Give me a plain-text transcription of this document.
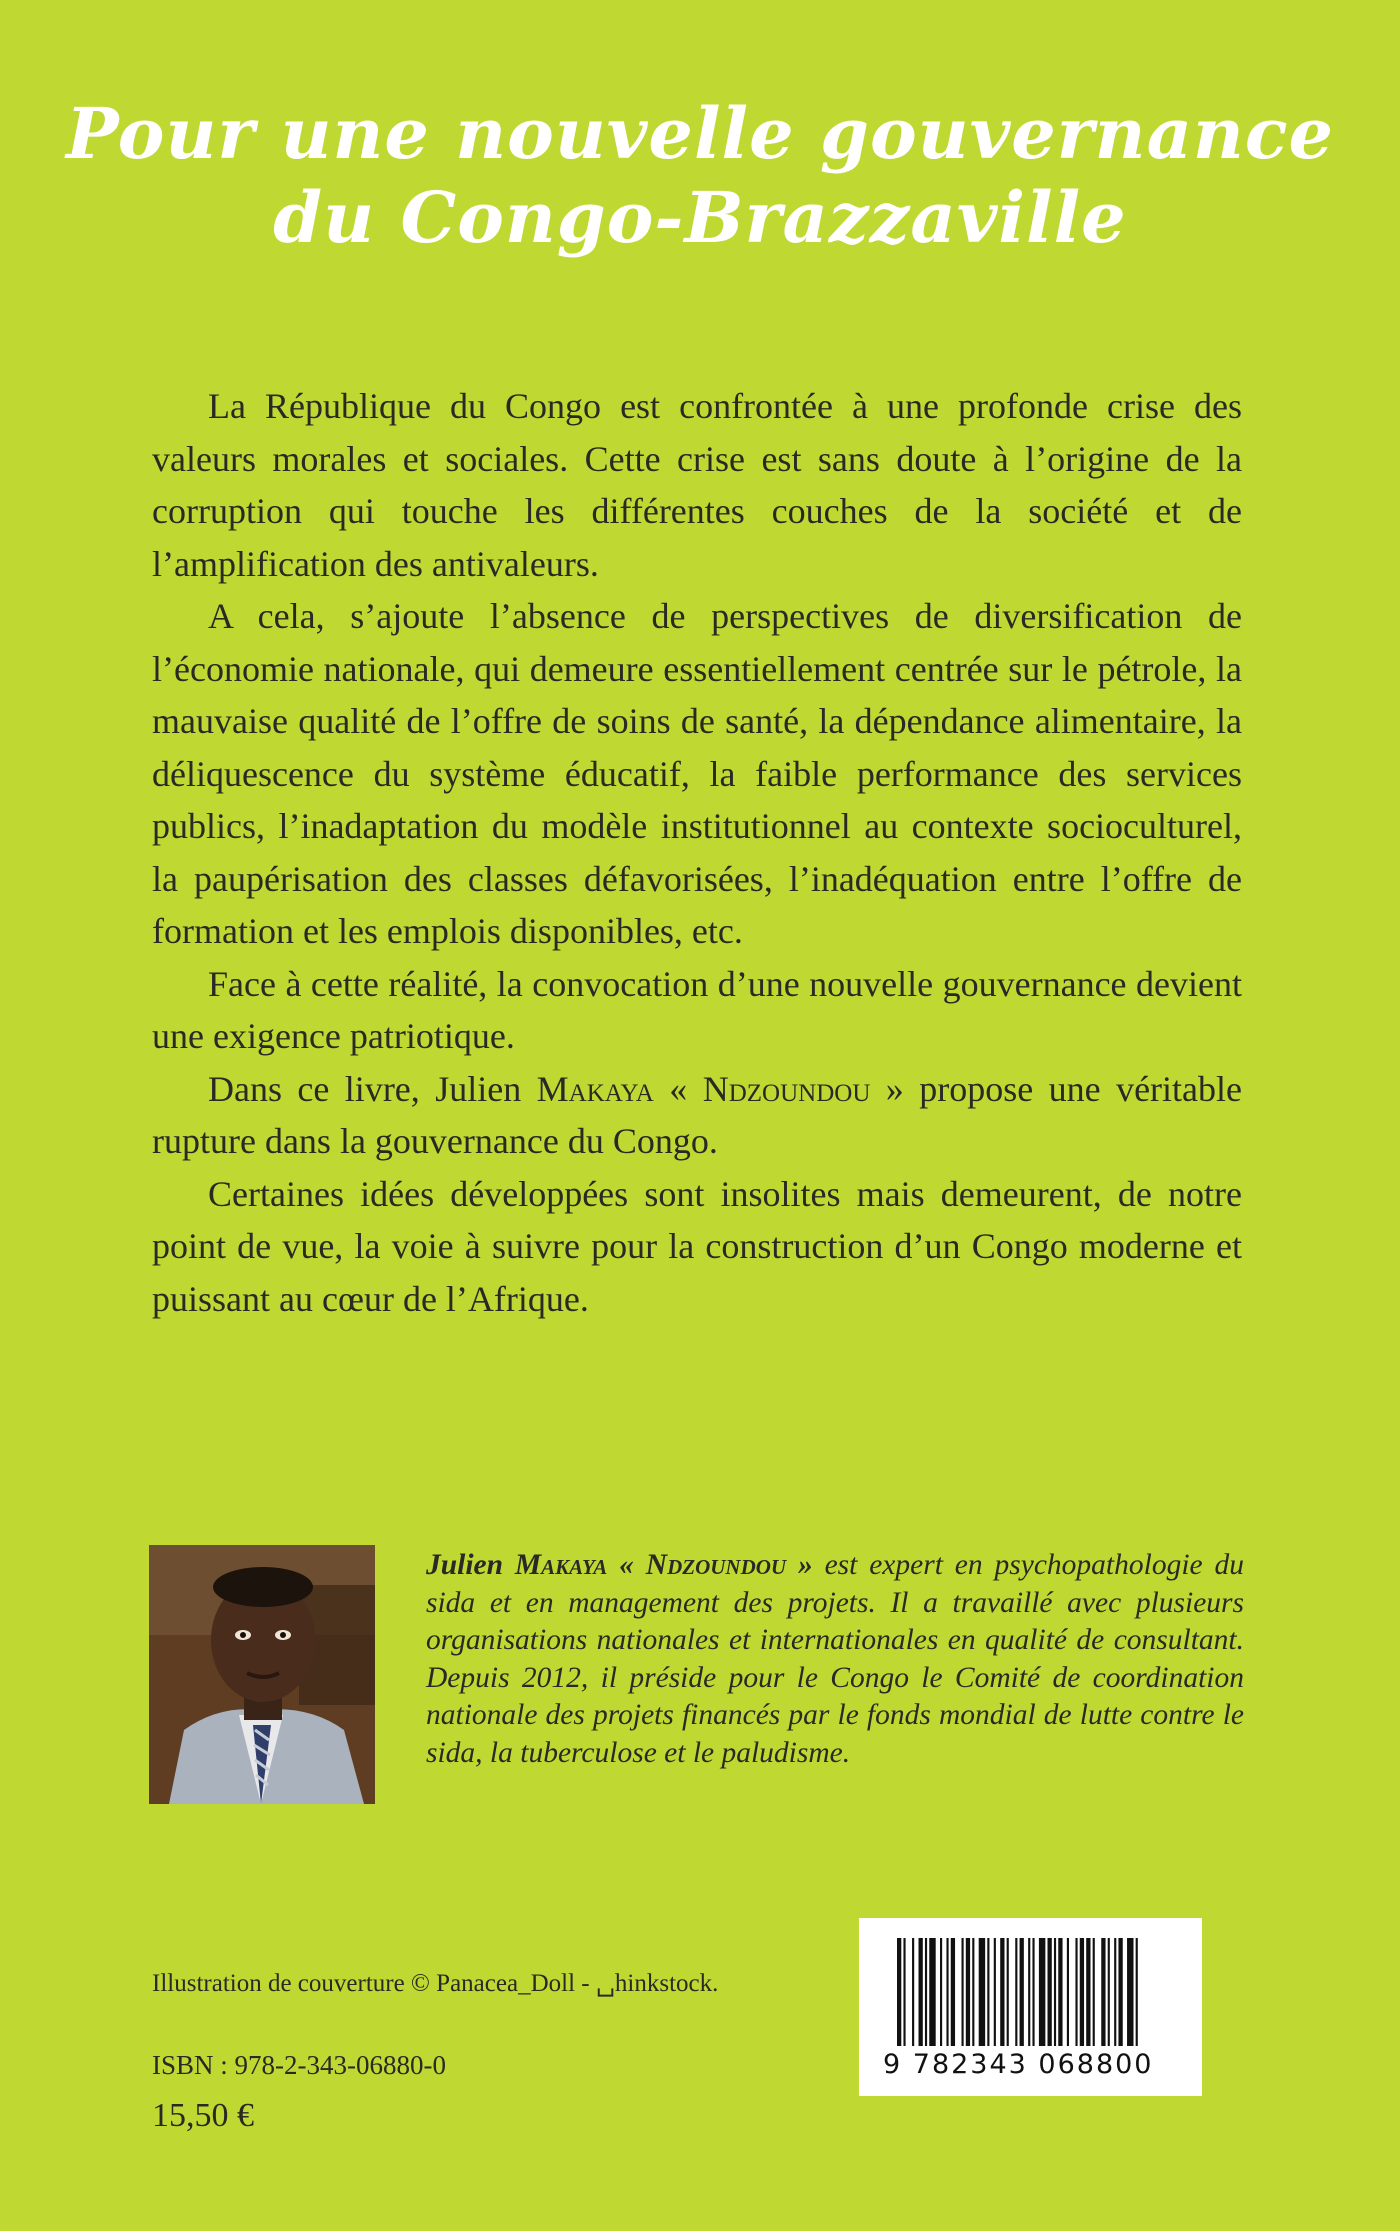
Pour une nouvelle gouvernance
du Congo-Brazzaville

La République du Congo est confrontée à une profonde crise des valeurs morales et sociales. Cette crise est sans doute à l’origine de la corruption qui touche les différentes couches de la société et de l’amplification des antivaleurs.

A cela, s’ajoute l’absence de perspectives de diversification de l’économie nationale, qui demeure essentiellement centrée sur le pétrole, la mauvaise qualité de l’offre de soins de santé, la dépendance alimentaire, la déliquescence du système éducatif, la faible performance des services publics, l’inadaptation du modèle institutionnel au contexte socioculturel, la paupérisation des classes défavorisées, l’inadéquation entre l’offre de formation et les emplois disponibles, etc.

Face à cette réalité, la convocation d’une nouvelle gouvernance devient une exigence patriotique.

Dans ce livre, Julien Makaya « Ndzoundou » propose une véritable rupture dans la gouvernance du Congo.

Certaines idées développées sont insolites mais demeurent, de notre point de vue, la voie à suivre pour la construction d’un Congo moderne et puissant au cœur de l’Afrique.

Julien Makaya « Ndzoundou » est expert en psychopathologie du sida et en management des projets. Il a travaillé avec plusieurs organisations nationales et internationales en qualité de consultant. Depuis 2012, il préside pour le Congo le Comité de coordination nationale des projets financés par le fonds mondial de lutte contre le sida, la tuberculose et le paludisme.
Illustration de couverture © Panacea_Doll - ␣hinkstock.
ISBN : 978-2-343-06880-0
15,50 €
9 782343 068800
